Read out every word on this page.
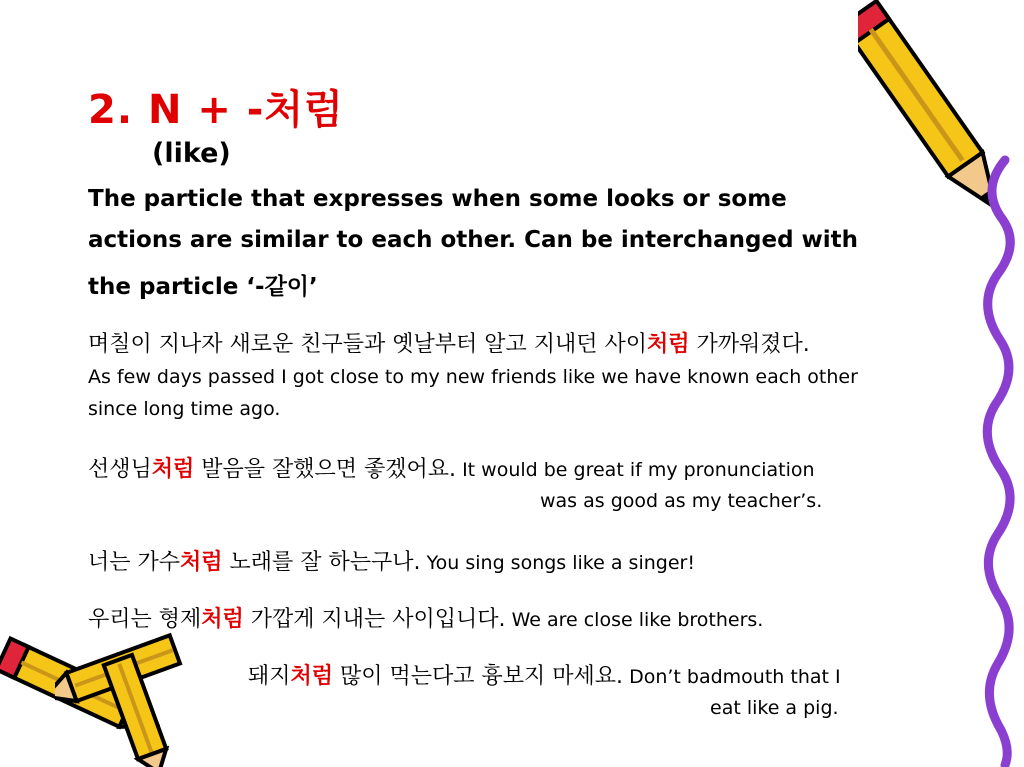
2. N + -처럼
(like)
The particle that expresses when some looks or some
actions are similar to each other. Can be interchanged with
the particle ‘-같이’
며칠이 지나자 새로운 친구들과 옛날부터 알고 지내던 사이처럼 가까워졌다.
As few days passed I got close to my new friends like we have known each other
since long time ago.
선생님처럼 발음을 잘했으면 좋겠어요. It would be great if my pronunciation
was as good as my teacher’s.
너는 가수처럼 노래를 잘 하는구나. You sing songs like a singer!
우리는 형제처럼 가깝게 지내는 사이입니다. We are close like brothers.
돼지처럼 많이 먹는다고 흉보지 마세요. Don’t badmouth that I
eat like a pig.
